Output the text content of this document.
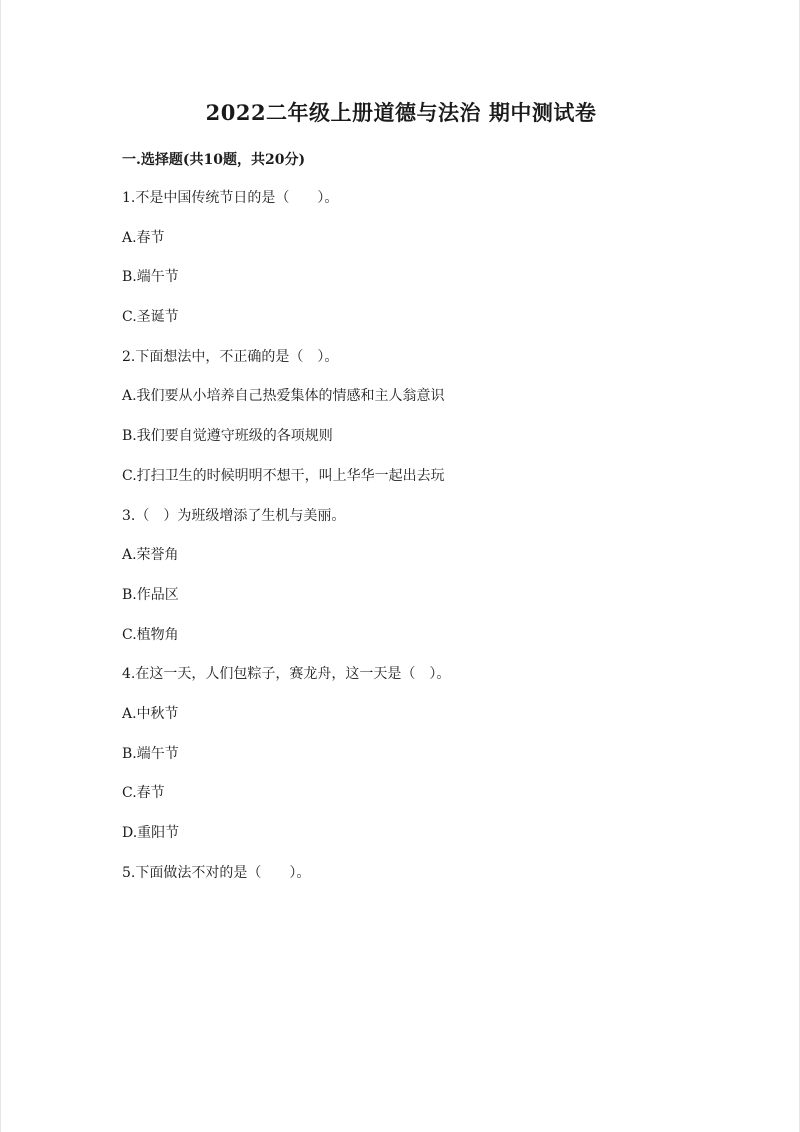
2022二年级上册道德与法治 期中测试卷
一.选择题(共10题，共20分)
1.不是中国传统节日的是（　　）。
A.春节
B.端午节
C.圣诞节
2.下面想法中，不正确的是（　）。
A.我们要从小培养自己热爱集体的情感和主人翁意识
B.我们要自觉遵守班级的各项规则
C.打扫卫生的时候明明不想干，叫上华华一起出去玩
3.（　）为班级增添了生机与美丽。
A.荣誉角
B.作品区
C.植物角
4.在这一天，人们包粽子，赛龙舟，这一天是（　）。
A.中秋节
B.端午节
C.春节
D.重阳节
5.下面做法不对的是（　　）。
